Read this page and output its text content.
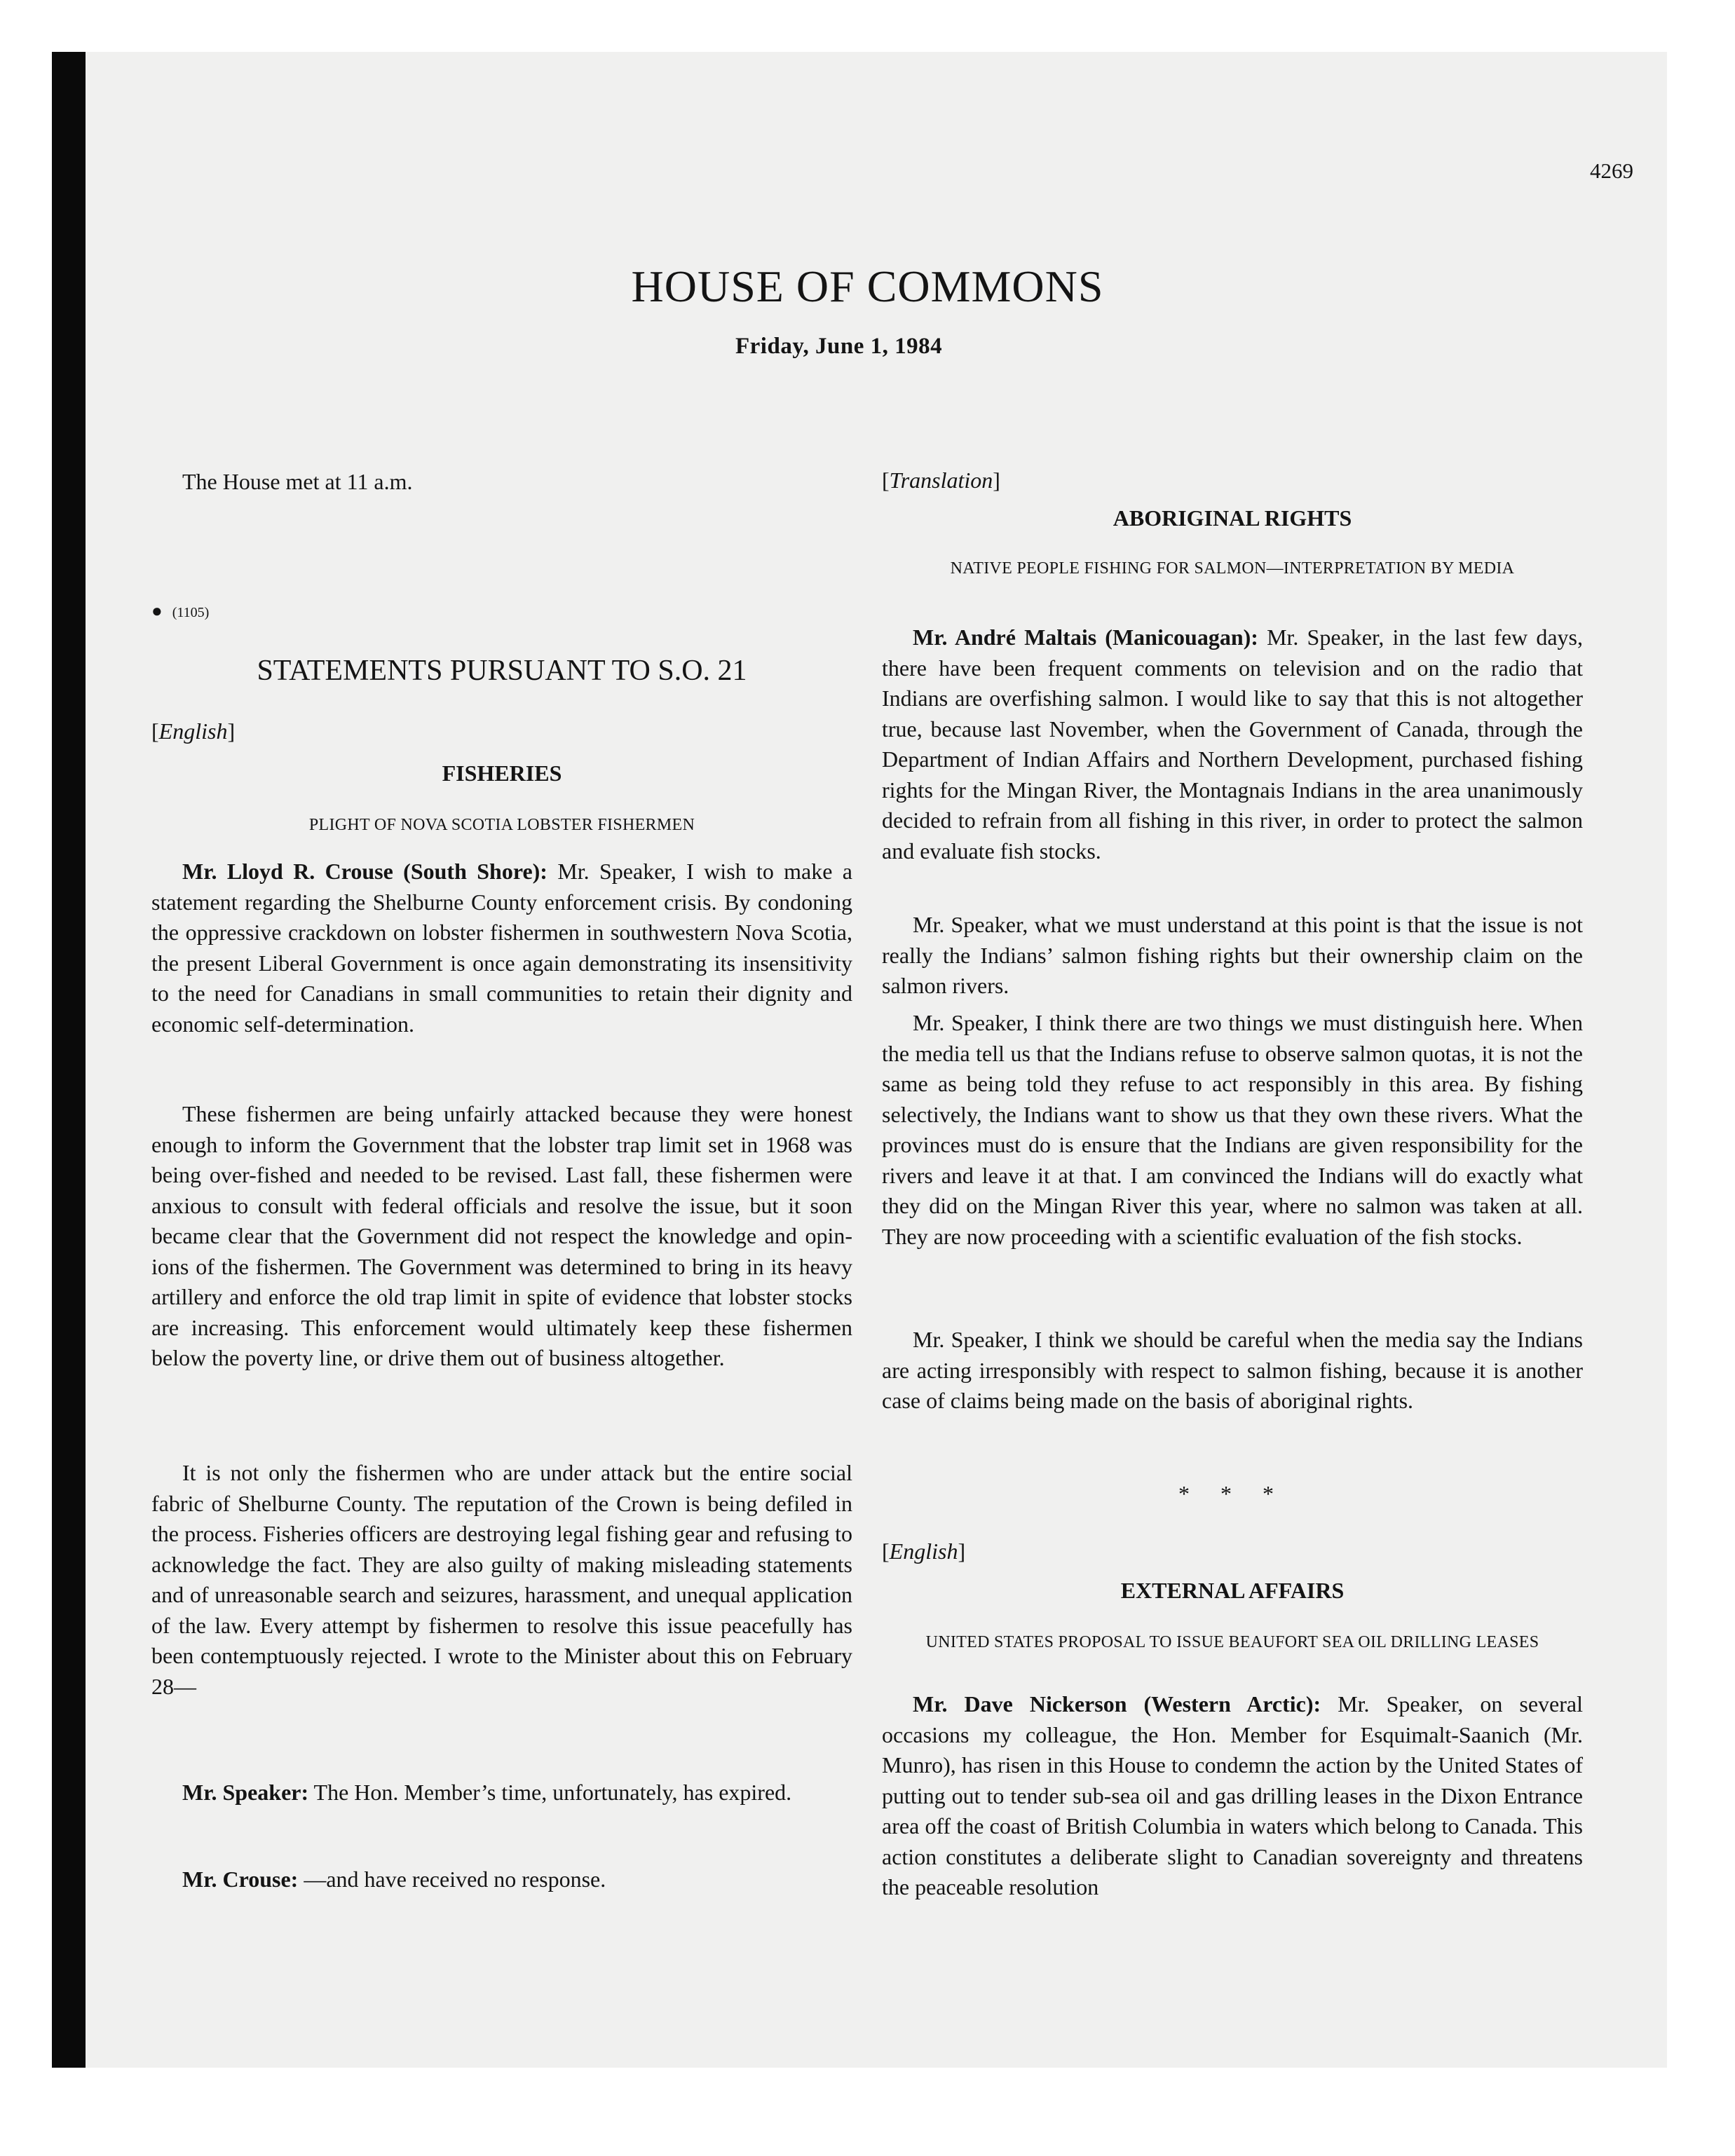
4269
HOUSE OF COMMONS
Friday, June 1, 1984

The House met at 11 a.m.

● (1105)
STATEMENTS PURSUANT TO S.O. 21
[English]
FISHERIES
PLIGHT OF NOVA SCOTIA LOBSTER FISHERMEN

Mr. Lloyd R. Crouse (South Shore): Mr. Speaker, I wish to make a statement regarding the Shelburne County enforcement crisis. By condoning the oppressive crackdown on lobster fishermen in southwestern Nova Scotia, the present Liberal Government is once again demonstrating its insensitivity to the need for Canadians in small communities to retain their dignity and economic self-determination.

These fishermen are being unfairly attacked because they were honest enough to inform the Government that the lobster trap limit set in 1968 was being over-fished and needed to be revised. Last fall, these fishermen were anxious to consult with federal officials and resolve the issue, but it soon became clear that the Government did not respect the knowledge and opinions of the fishermen. The Government was determined to bring in its heavy artillery and enforce the old trap limit in spite of evidence that lobster stocks are increasing. This enforcement would ultimately keep these fishermen below the poverty line, or drive them out of business altogether.

It is not only the fishermen who are under attack but the entire social fabric of Shelburne County. The reputation of the Crown is being defiled in the process. Fisheries officers are destroying legal fishing gear and refusing to acknowledge the fact. They are also guilty of making misleading statements and of unreasonable search and seizures, harassment, and unequal application of the law. Every attempt by fishermen to resolve this issue peacefully has been contemptuously rejected. I wrote to the Minister about this on February 28—

Mr. Speaker: The Hon. Member’s time, unfortunately, has expired.

Mr. Crouse: —and have received no response.

[Translation]
ABORIGINAL RIGHTS
NATIVE PEOPLE FISHING FOR SALMON—INTERPRETATION BY MEDIA

Mr. André Maltais (Manicouagan): Mr. Speaker, in the last few days, there have been frequent comments on television and on the radio that Indians are overfishing salmon. I would like to say that this is not altogether true, because last November, when the Government of Canada, through the Department of Indian Affairs and Northern Development, purchased fishing rights for the Mingan River, the Montagnais Indians in the area unanimously decided to refrain from all fishing in this river, in order to protect the salmon and evaluate fish stocks.

Mr. Speaker, what we must understand at this point is that the issue is not really the Indians’ salmon fishing rights but their ownership claim on the salmon rivers.

Mr. Speaker, I think there are two things we must distinguish here. When the media tell us that the Indians refuse to observe salmon quotas, it is not the same as being told they refuse to act responsibly in this area. By fishing selectively, the Indians want to show us that they own these rivers. What the provinces must do is ensure that the Indians are given responsibility for the rivers and leave it at that. I am convinced the Indians will do exactly what they did on the Mingan River this year, where no salmon was taken at all. They are now proceeding with a scientific evaluation of the fish stocks.

Mr. Speaker, I think we should be careful when the media say the Indians are acting irresponsibly with respect to salmon fishing, because it is another case of claims being made on the basis of aboriginal rights.

* * *
[English]
EXTERNAL AFFAIRS
UNITED STATES PROPOSAL TO ISSUE BEAUFORT SEA OIL DRILLING LEASES

Mr. Dave Nickerson (Western Arctic): Mr. Speaker, on several occasions my colleague, the Hon. Member for Esquimalt-Saanich (Mr. Munro), has risen in this House to condemn the action by the United States of putting out to tender sub-sea oil and gas drilling leases in the Dixon Entrance area off the coast of British Columbia in waters which belong to Canada. This action constitutes a deliberate slight to Canadian sovereignty and threatens the peaceable resolution
